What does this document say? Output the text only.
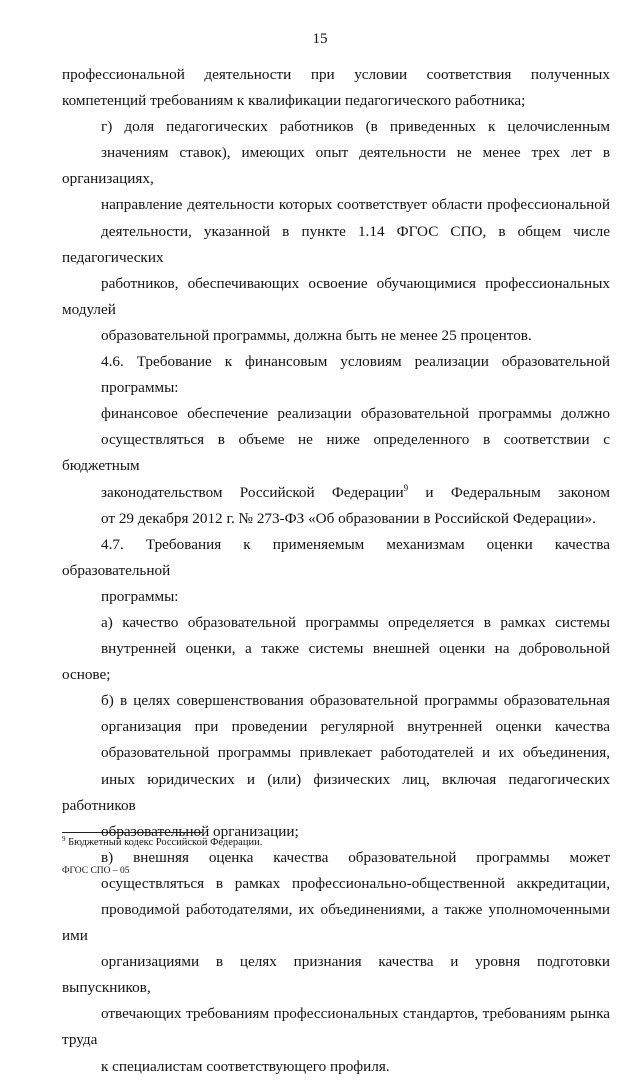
15

профессиональной деятельности при условии соответствия полученных
компетенций требованиям к квалификации педагогического работника;

г) доля педагогических работников (в приведенных к целочисленным
значениям ставок), имеющих опыт деятельности не менее трех лет в организациях,
направление деятельности которых соответствует области профессиональной
деятельности, указанной в пункте 1.14 ФГОС СПО, в общем числе педагогических
работников, обеспечивающих освоение обучающимися профессиональных модулей
образовательной программы, должна быть не менее 25 процентов.

4.6. Требование к финансовым условиям реализации образовательной
программы:

финансовое обеспечение реализации образовательной программы должно
осуществляться в объеме не ниже определенного в соответствии с бюджетным
законодательством Российской Федерации$^9$ и Федеральным законом
от 29 декабря 2012 г. № 273-ФЗ «Об образовании в Российской Федерации».

4.7. Требования к применяемым механизмам оценки качества образовательной
программы:

а) качество образовательной программы определяется в рамках системы
внутренней оценки, а также системы внешней оценки на добровольной основе;

б) в целях совершенствования образовательной программы образовательная
организация при проведении регулярной внутренней оценки качества
образовательной программы привлекает работодателей и их объединения,
иных юридических и (или) физических лиц, включая педагогических работников
образовательной организации;

в) внешняя оценка качества образовательной программы может
осуществляться в рамках профессионально-общественной аккредитации,
проводимой работодателями, их объединениями, а также уполномоченными ими
организациями в целях признания качества и уровня подготовки выпускников,
отвечающих требованиям профессиональных стандартов, требованиям рынка труда
к специалистам соответствующего профиля.

$^9$ Бюджетный кодекс Российской Федерации.
ФГОС СПО – 05
